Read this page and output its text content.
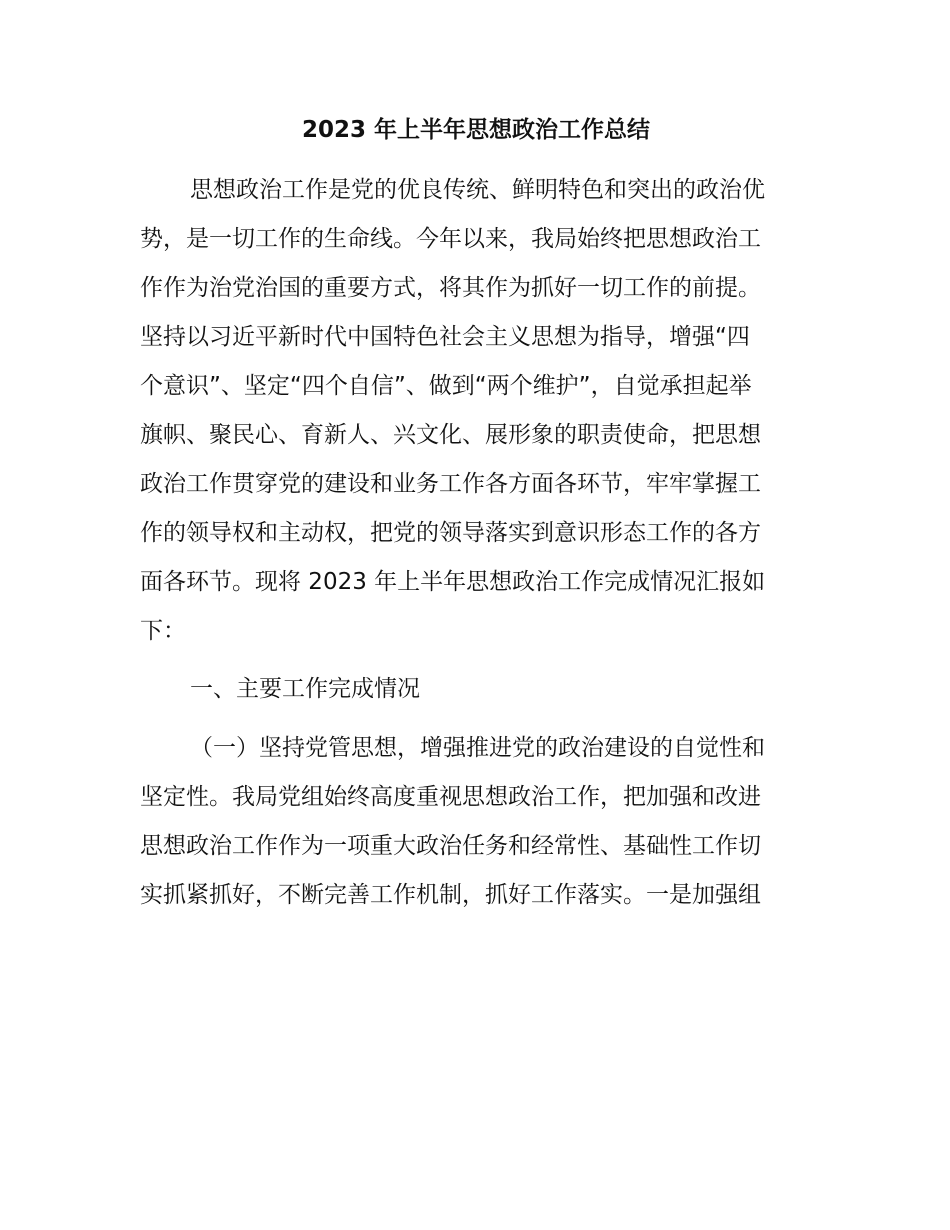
2023 年上半年思想政治工作总结

思想政治工作是党的优良传统、鲜明特色和突出的政治优

势，是一切工作的生命线。今年以来，我局始终把思想政治工

作作为治党治国的重要方式，将其作为抓好一切工作的前提。

坚持以习近平新时代中国特色社会主义思想为指导，增强“四

个意识”、坚定“四个自信”、做到“两个维护”，自觉承担起举

旗帜、聚民心、育新人、兴文化、展形象的职责使命，把思想

政治工作贯穿党的建设和业务工作各方面各环节，牢牢掌握工

作的领导权和主动权，把党的领导落实到意识形态工作的各方

面各环节。现将 2023 年上半年思想政治工作完成情况汇报如

下：

一、主要工作完成情况

（一）坚持党管思想，增强推进党的政治建设的自觉性和

坚定性。我局党组始终高度重视思想政治工作，把加强和改进

思想政治工作作为一项重大政治任务和经常性、基础性工作切

实抓紧抓好，不断完善工作机制，抓好工作落实。一是加强组
